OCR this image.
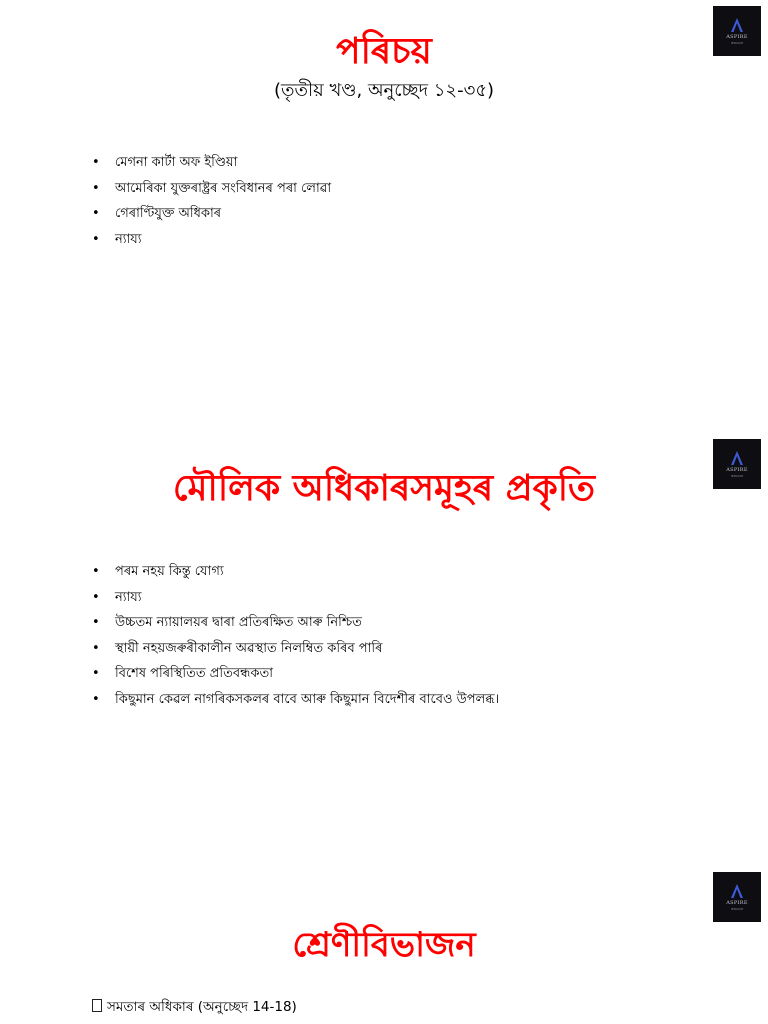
ASPIRE
IEDUCM
ASPIRE
IEDUCM
ASPIRE
IEDUCM
পৰিচয়

(তৃতীয় খণ্ড, অনুচ্ছেদ ১২-৩৫)

• মেগনা কাৰ্টা অফ ইণ্ডিয়া
• আমেৰিকা যুক্তৰাষ্ট্ৰৰ সংবিধানৰ পৰা লোৱা
• গেৰাণ্টিযুক্ত অধিকাৰ
• ন্যায্য
মৌলিক অধিকাৰসমূহৰ প্ৰকৃতি
• পৰম নহয় কিন্তু যোগ্য
• ন্যায্য
• উচ্চতম ন্যায়ালয়ৰ দ্বাৰা প্ৰতিৰক্ষিত আৰু নিশ্চিত
• স্থায়ী নহয়জৰুৰীকালীন অৱস্থাত নিলম্বিত কৰিব পাৰি
• বিশেষ পৰিস্থিতিত প্ৰতিবন্ধকতা
• কিছুমান কেৱল নাগৰিকসকলৰ বাবে আৰু কিছুমান বিদেশীৰ বাবেও উপলব্ধ।
শ্ৰেণীবিভাজন
সমতাৰ অধিকাৰ (অনুচ্ছেদ 14-18)
